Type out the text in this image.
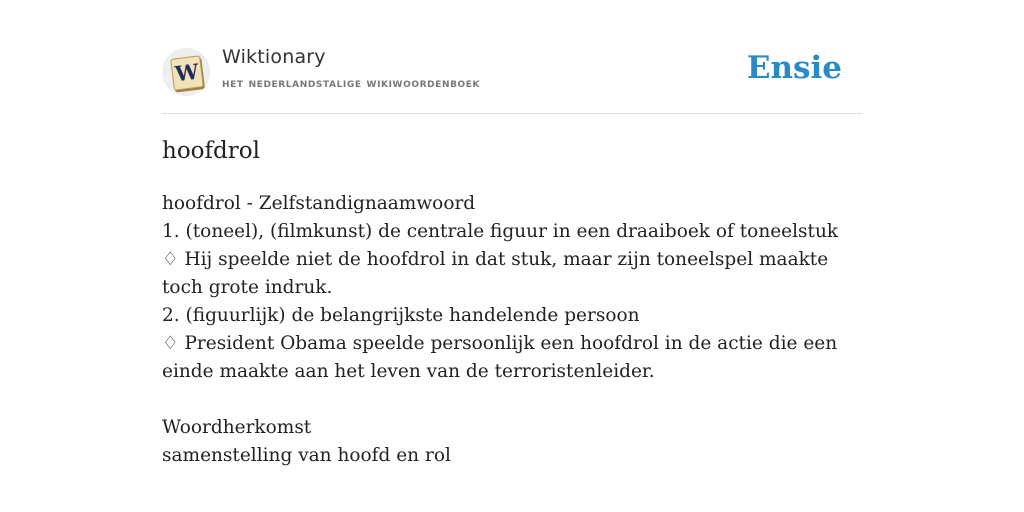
W
Wiktionary
het nederlandstalige wikiwoordenboek	Ensie
hoofdrol

hoofdrol - Zelfstandignaamwoord

1. (toneel), (filmkunst) de centrale figuur in een draaiboek of toneelstuk

♢ Hij speelde niet de hoofdrol in dat stuk, maar zijn toneelspel maakte toch grote indruk.

2. (figuurlijk) de belangrijkste handelende persoon

♢ President Obama speelde persoonlijk een hoofdrol in de actie die een einde maakte aan het leven van de terroristenleider.

Woordherkomst

samenstelling van hoofd en rol
